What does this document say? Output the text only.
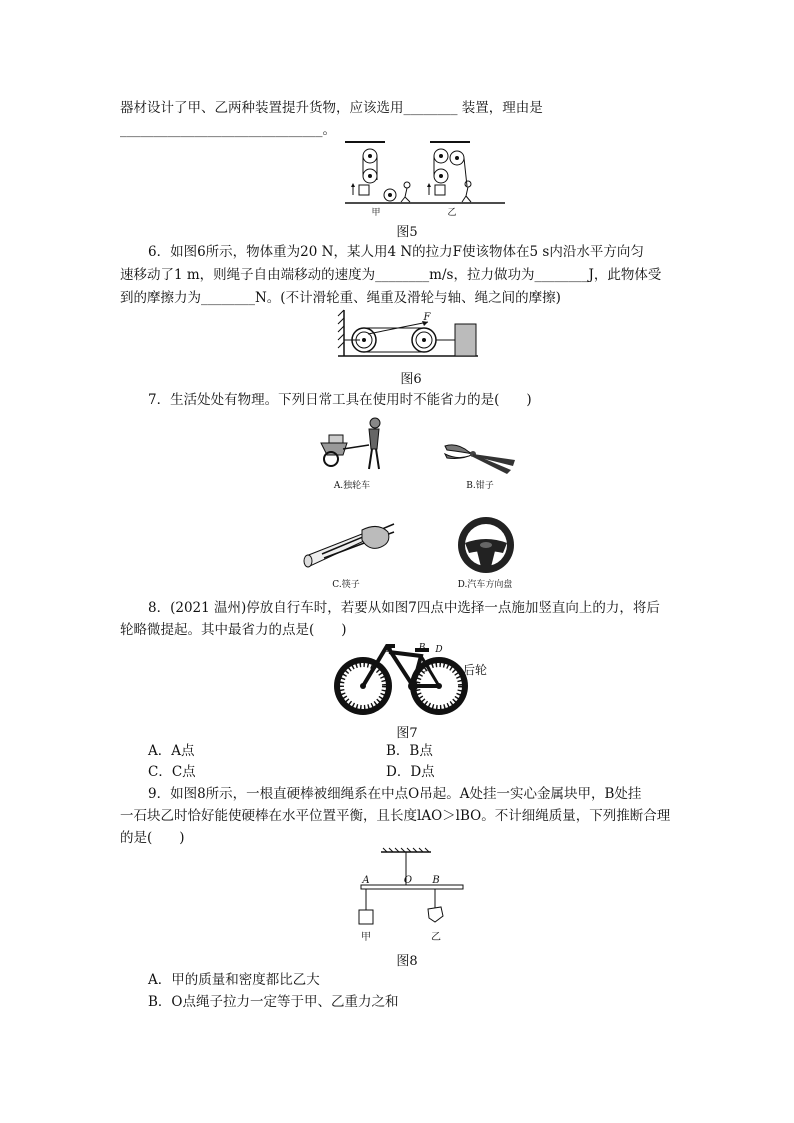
器材设计了甲、乙两种装置提升货物，应该选用________ 装置，理由是
______________________________。
甲	乙
图5
6．如图6所示，物体重为20 N，某人用4 N的拉力F使该物体在5 s内沿水平方向匀
速移动了1 m，则绳子自由端移动的速度为________m/s，拉力做功为________J，此物体受
到的摩擦力为________N。(不计滑轮重、绳重及滑轮与轴、绳之间的摩擦)
F
图6
7．生活处处有物理。下列日常工具在使用时不能省力的是(　　)
A.独轮车	B.钳子
C.筷子	D.汽车方向盘
8．(2021 温州)停放自行车时，若要从如图7四点中选择一点施加竖直向上的力，将后
轮略微提起。其中最省力的点是(　　)
A	B
C
D
后轮
图7
A．A点	B．B点
C．C点	D．D点
9．如图8所示，一根直硬棒被细绳系在中点O吊起。A处挂一实心金属块甲，B处挂
一石块乙时恰好能使硬棒在水平位置平衡，且长度lAO＞lBO。不计细绳质量，下列推断合理
的是(　　)
A	O B
甲	乙
图8
A．甲的质量和密度都比乙大
B．O点绳子拉力一定等于甲、乙重力之和
